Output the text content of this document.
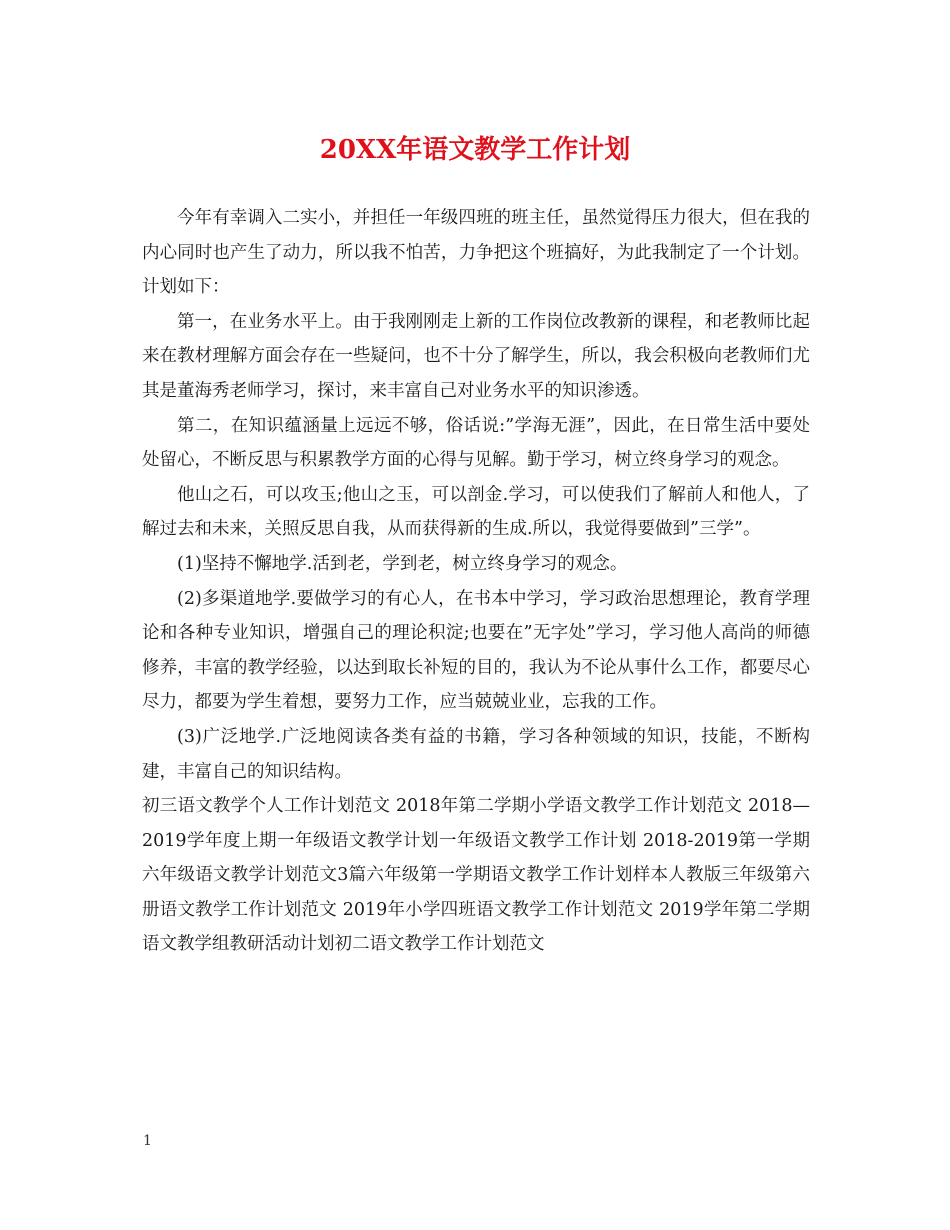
20XX年语文教学工作计划

今年有幸调入二实小，并担任一年级四班的班主任，虽然觉得压力很大，但在我的内心同时也产生了动力，所以我不怕苦，力争把这个班搞好，为此我制定了一个计划。计划如下：

第一，在业务水平上。由于我刚刚走上新的工作岗位改教新的课程，和老教师比起来在教材理解方面会存在一些疑问，也不十分了解学生，所以，我会积极向老教师们尤其是董海秀老师学习，探讨，来丰富自己对业务水平的知识渗透。

第二，在知识蕴涵量上远远不够，俗话说:”学海无涯”，因此，在日常生活中要处处留心，不断反思与积累教学方面的心得与见解。勤于学习，树立终身学习的观念。

他山之石，可以攻玉;他山之玉，可以剖金.学习，可以使我们了解前人和他人，了解过去和未来，关照反思自我，从而获得新的生成.所以，我觉得要做到”三学”。

(1)坚持不懈地学.活到老，学到老，树立终身学习的观念。

(2)多渠道地学.要做学习的有心人，在书本中学习，学习政治思想理论，教育学理论和各种专业知识，增强自己的理论积淀;也要在”无字处”学习，学习他人高尚的师德修养，丰富的教学经验，以达到取长补短的目的，我认为不论从事什么工作，都要尽心尽力，都要为学生着想，要努力工作，应当兢兢业业，忘我的工作。

(3)广泛地学.广泛地阅读各类有益的书籍，学习各种领域的知识，技能，不断构建，丰富自己的知识结构。

初三语文教学个人工作计划范文 2018年第二学期小学语文教学工作计划范文 2018—2019学年度上期一年级语文教学计划一年级语文教学工作计划 2018-2019第一学期六年级语文教学计划范文3篇六年级第一学期语文教学工作计划样本人教版三年级第六册语文教学工作计划范文 2019年小学四班语文教学工作计划范文 2019学年第二学期语文教学组教研活动计划初二语文教学工作计划范文

1
